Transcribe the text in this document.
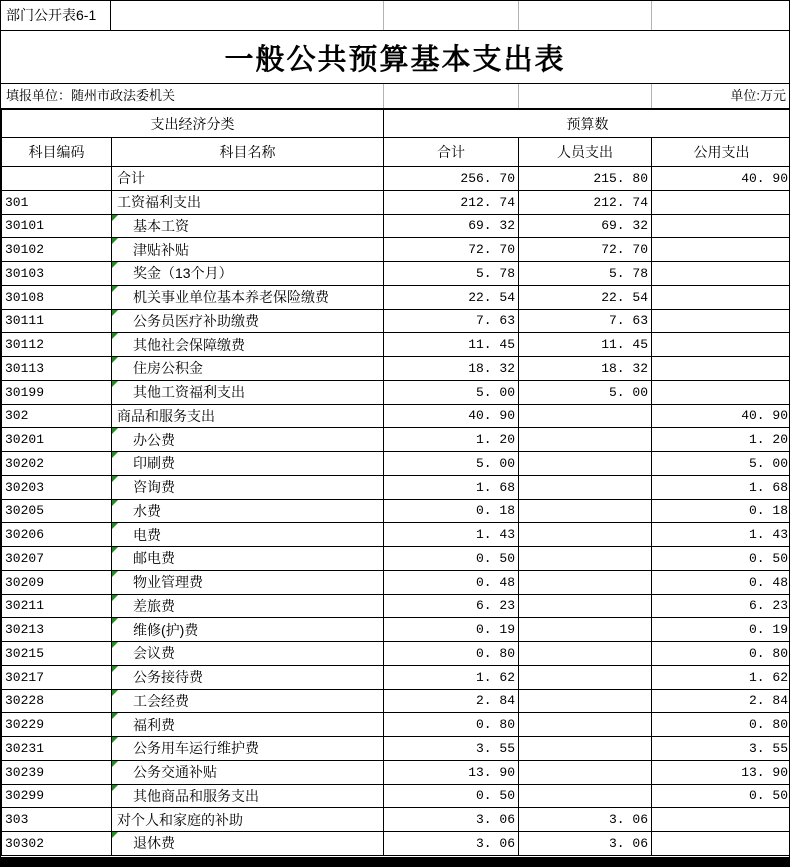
部门公开表6-1
一般公共预算基本支出表
填报单位：随州市政法委机关	单位:万元
支出经济分类		预算数		
科目编码	科目名称	合计	人员支出	公用支出
	合计	256. 70	215. 80	40. 90
301	工资福利支出	212. 74	212. 74	
30101	基本工资	69. 32	69. 32	
30102	津贴补贴	72. 70	72. 70	
30103	奖金（13个月）	5. 78	5. 78	
30108	机关事业单位基本养老保险缴费	22. 54	22. 54	
30111	公务员医疗补助缴费	7. 63	7. 63	
30112	其他社会保障缴费	11. 45	11. 45	
30113	住房公积金	18. 32	18. 32	
30199	其他工资福利支出	5. 00	5. 00	
302	商品和服务支出	40. 90		40. 90
30201	办公费	1. 20		1. 20
30202	印刷费	5. 00		5. 00
30203	咨询费	1. 68		1. 68
30205	水费	0. 18		0. 18
30206	电费	1. 43		1. 43
30207	邮电费	0. 50		0. 50
30209	物业管理费	0. 48		0. 48
30211	差旅费	6. 23		6. 23
30213	维修(护)费	0. 19		0. 19
30215	会议费	0. 80		0. 80
30217	公务接待费	1. 62		1. 62
30228	工会经费	2. 84		2. 84
30229	福利费	0. 80		0. 80
30231	公务用车运行维护费	3. 55		3. 55
30239	公务交通补贴	13. 90		13. 90
30299	其他商品和服务支出	0. 50		0. 50
303	对个人和家庭的补助	3. 06	3. 06	
30302	退休费	3. 06	3. 06	
